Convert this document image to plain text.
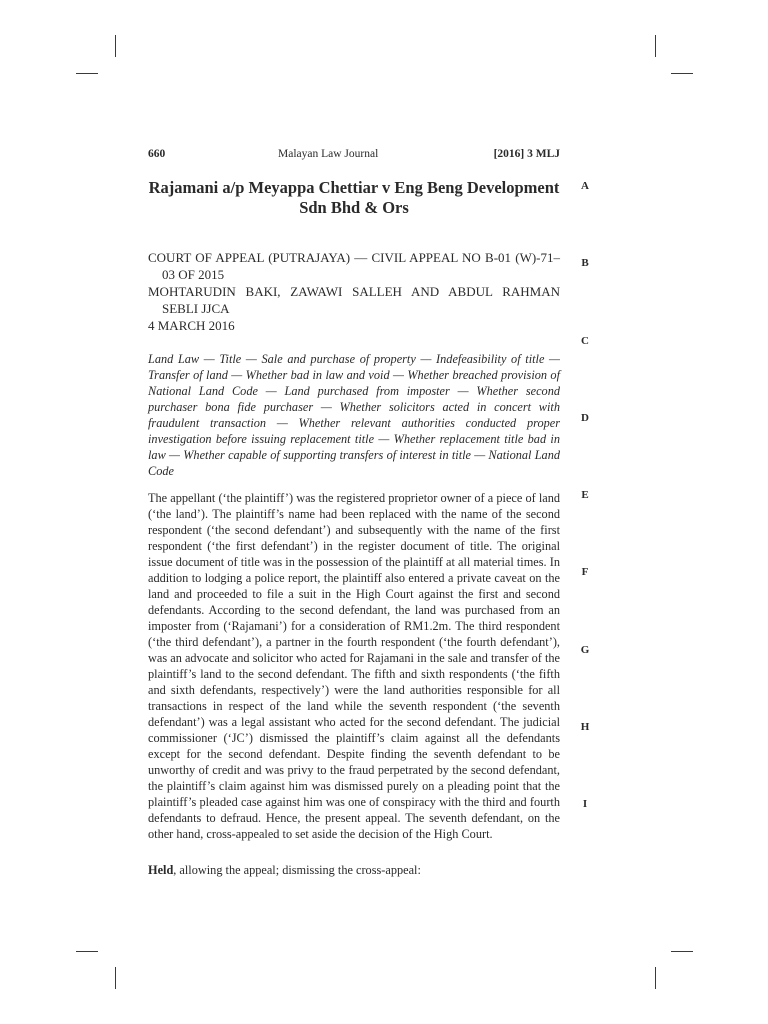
660	Malayan Law Journal	[2016] 3 MLJ
Rajamani a/p Meyappa Chettiar v Eng Beng Development Sdn Bhd & Ors
COURT OF APPEAL (PUTRAJAYA) — CIVIL APPEAL NO B-01 (W)-71–03 OF 2015
MOHTARUDIN BAKI, ZAWAWI SALLEH AND ABDUL RAHMAN SEBLI JJCA
4 MARCH 2016
Land Law — Title — Sale and purchase of property — Indefeasibility of title — Transfer of land — Whether bad in law and void — Whether breached provision of National Land Code — Land purchased from imposter — Whether second purchaser bona fide purchaser — Whether solicitors acted in concert with fraudulent transaction — Whether relevant authorities conducted proper investigation before issuing replacement title — Whether replacement title bad in law — Whether capable of supporting transfers of interest in title — National Land Code
The appellant (‘the plaintiff’) was the registered proprietor owner of a piece of land (‘the land’). The plaintiff’s name had been replaced with the name of the second respondent (‘the second defendant’) and subsequently with the name of the first respondent (‘the first defendant’) in the register document of title. The original issue document of title was in the possession of the plaintiff at all material times. In addition to lodging a police report, the plaintiff also entered a private caveat on the land and proceeded to file a suit in the High Court against the first and second defendants. According to the second defendant, the land was purchased from an imposter from (‘Rajamani’) for a consideration of RM1.2m. The third respondent (‘the third defendant’), a partner in the fourth respondent (‘the fourth defendant’), was an advocate and solicitor who acted for Rajamani in the sale and transfer of the plaintiff’s land to the second defendant. The fifth and sixth respondents (‘the fifth and sixth defendants, respectively’) were the land authorities responsible for all transactions in respect of the land while the seventh respondent (‘the seventh defendant’) was a legal assistant who acted for the second defendant. The judicial commissioner (‘JC’) dismissed the plaintiff’s claim against all the defendants except for the second defendant. Despite finding the seventh defendant to be unworthy of credit and was privy to the fraud perpetrated by the second defendant, the plaintiff’s claim against him was dismissed purely on a pleading point that the plaintiff’s pleaded case against him was one of conspiracy with the third and fourth defendants to defraud. Hence, the present appeal. The seventh defendant, on the other hand, cross-appealed to set aside the decision of the High Court.
Held, allowing the appeal; dismissing the cross-appeal:
A
B
C
D
E
F
G
H
I
